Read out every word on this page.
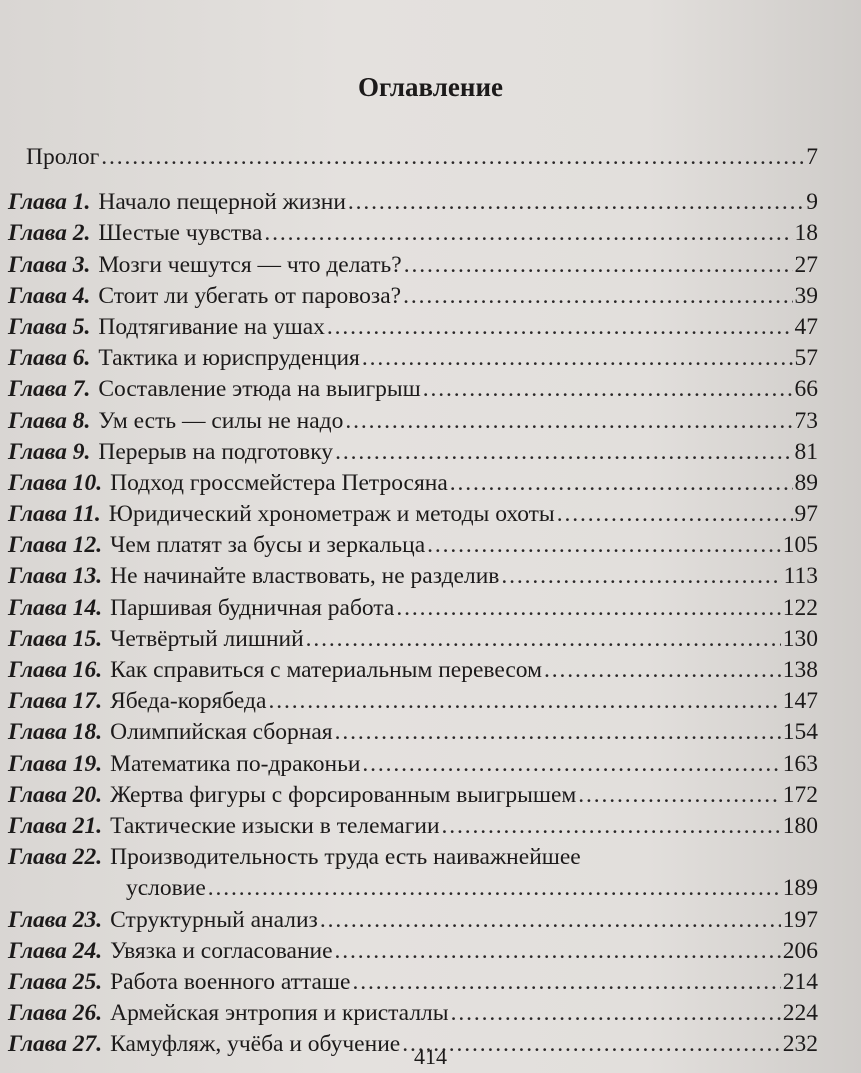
Оглавление
Пролог . . .	7
Глава 1. Начало пещерной жизни . . .	9
Глава 2. Шестые чувства . . .	18
Глава 3. Мозги чешутся — что делать? . . .	27
Глава 4. Стоит ли убегать от паровоза? . . .	39
Глава 5. Подтягивание на ушах . . .	47
Глава 6. Тактика и юриспруденция . . .	57
Глава 7. Составление этюда на выигрыш . . .	66
Глава 8. Ум есть — силы не надо . . .	73
Глава 9. Перерыв на подготовку . . .	81
Глава 10. Подход гроссмейстера Петросяна . . .	89
Глава 11. Юридический хронометраж и методы охоты . . .	97
Глава 12. Чем платят за бусы и зеркальца . . .	105
Глава 13. Не начинайте властвовать, не разделив . . .	113
Глава 14. Паршивая будничная работа . . .	122
Глава 15. Четвёртый лишний . . .	130
Глава 16. Как справиться с материальным перевесом . . .	138
Глава 17. Ябеда-корябеда . . .	147
Глава 18. Олимпийская сборная . . .	154
Глава 19. Математика по-драконьи . . .	163
Глава 20. Жертва фигуры с форсированным выигрышем . . .	172
Глава 21. Тактические изыски в телемагии . . .	180
Глава 22. Производительность труда есть наиважнейшее
условие . . .	189
Глава 23. Структурный анализ . . .	197
Глава 24. Увязка и согласование . . .	206
Глава 25. Работа военного атташе . . .	214
Глава 26. Армейская энтропия и кристаллы . . .	224
Глава 27. Камуфляж, учёба и обучение . . .	232
414
